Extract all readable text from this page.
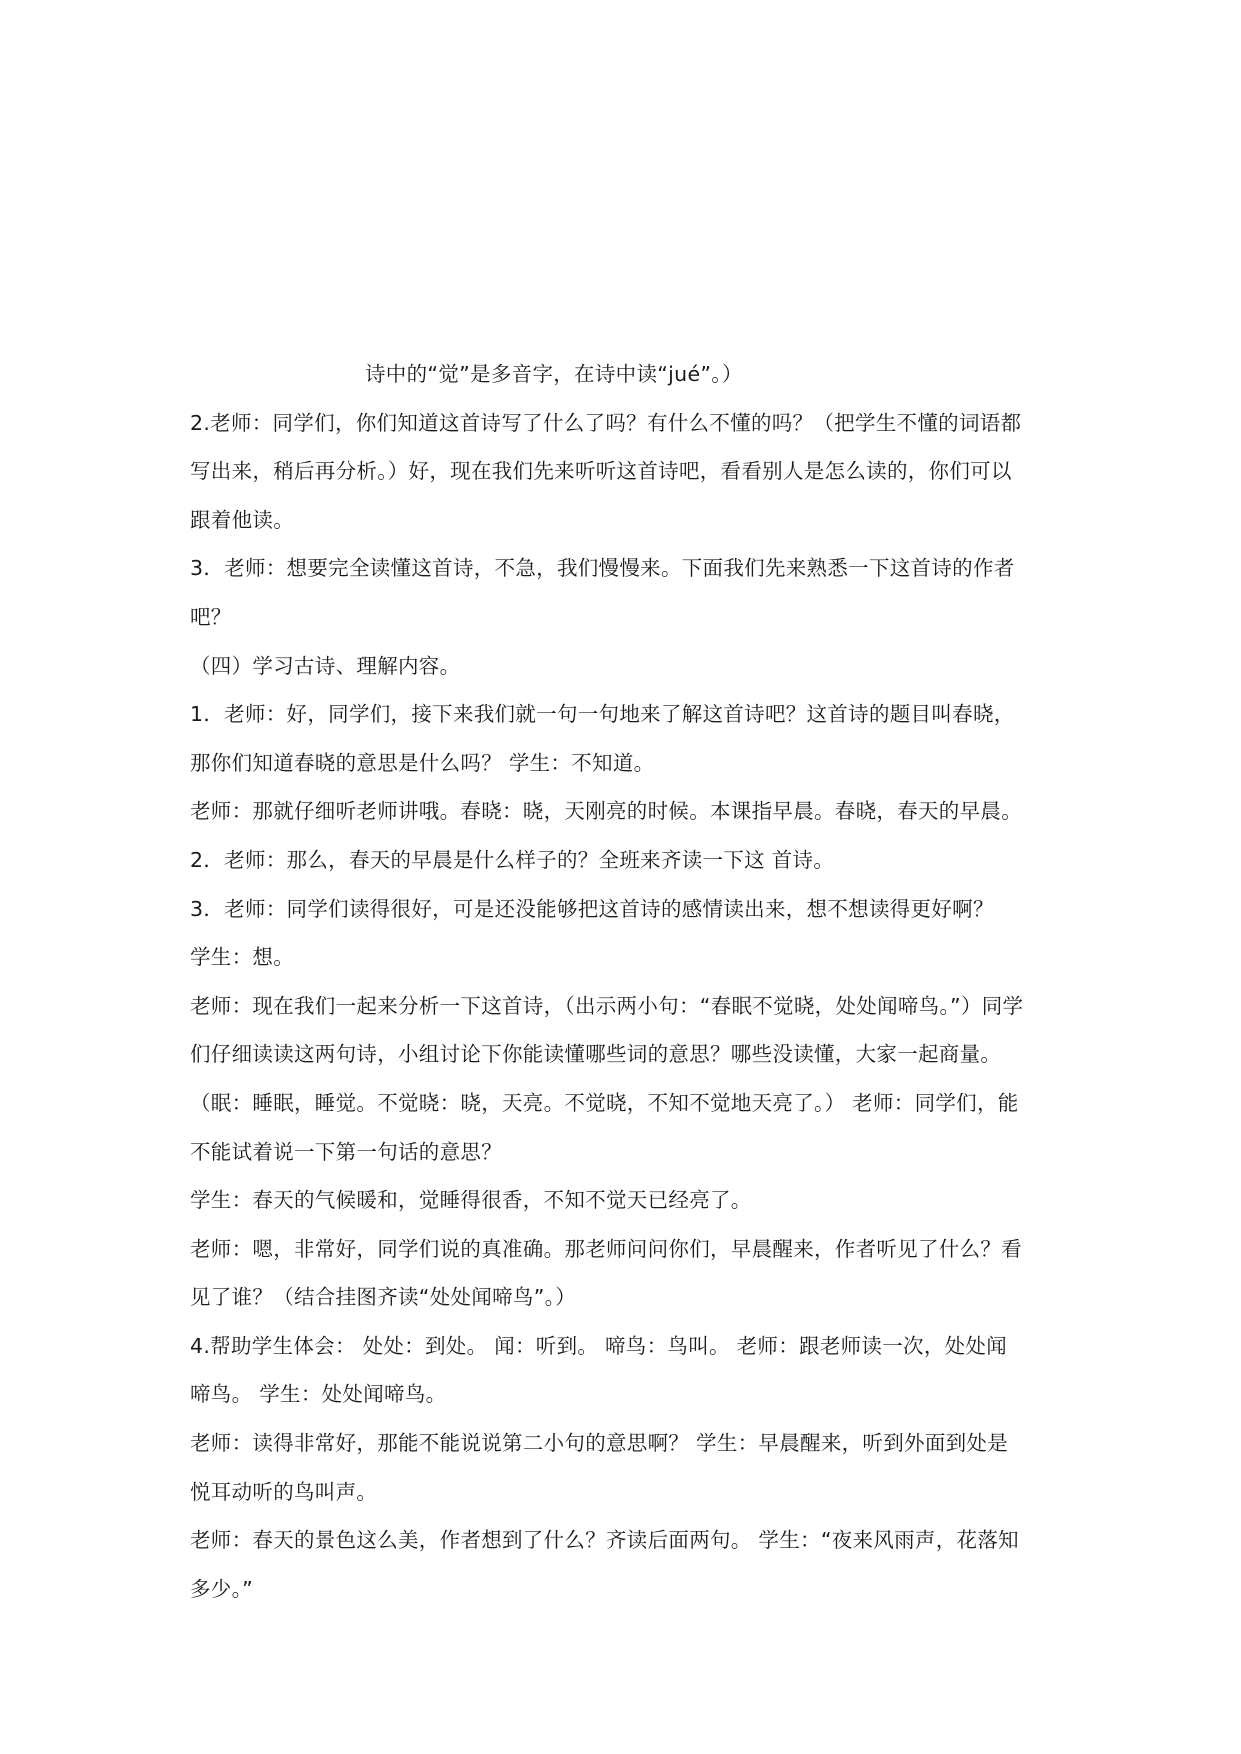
诗中的“觉”是多音字，在诗中读“jué”。）
2.老师：同学们，你们知道这首诗写了什么了吗？有什么不懂的吗？（把学生不懂的词语都
写出来，稍后再分析。）好，现在我们先来听听这首诗吧，看看别人是怎么读的，你们可以
跟着他读。
3．老师：想要完全读懂这首诗，不急，我们慢慢来。下面我们先来熟悉一下这首诗的作者
吧？
（四）学习古诗、理解内容。
1．老师：好，同学们，接下来我们就一句一句地来了解这首诗吧？这首诗的题目叫春晓，
那你们知道春晓的意思是什么吗？ 学生：不知道。
老师：那就仔细听老师讲哦。春晓：晓，天刚亮的时候。本课指早晨。春晓，春天的早晨。
2．老师：那么，春天的早晨是什么样子的？全班来齐读一下这 首诗。
3．老师：同学们读得很好，可是还没能够把这首诗的感情读出来，想不想读得更好啊？
学生：想。
老师：现在我们一起来分析一下这首诗，（出示两小句：“春眠不觉晓，处处闻啼鸟。”）同学
们仔细读读这两句诗，小组讨论下你能读懂哪些词的意思？哪些没读懂，大家一起商量。
（眠：睡眠，睡觉。不觉晓：晓，天亮。不觉晓，不知不觉地天亮了。） 老师：同学们，能
不能试着说一下第一句话的意思？
学生：春天的气候暖和，觉睡得很香，不知不觉天已经亮了。
老师：嗯，非常好，同学们说的真准确。那老师问问你们，早晨醒来，作者听见了什么？看
见了谁？（结合挂图齐读“处处闻啼鸟”。）
4.帮助学生体会： 处处：到处。 闻：听到。 啼鸟：鸟叫。 老师：跟老师读一次，处处闻
啼鸟。 学生：处处闻啼鸟。
老师：读得非常好，那能不能说说第二小句的意思啊？ 学生：早晨醒来，听到外面到处是
悦耳动听的鸟叫声。
老师：春天的景色这么美，作者想到了什么？齐读后面两句。 学生：“夜来风雨声，花落知
多少。”
